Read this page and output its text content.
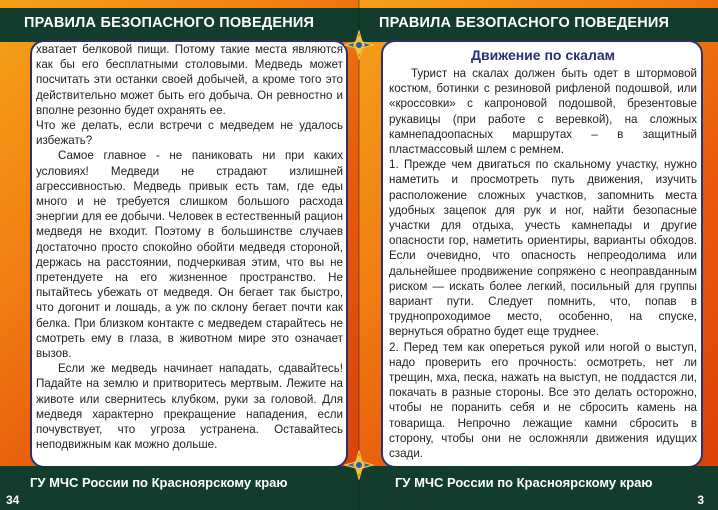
ПРАВИЛА БЕЗОПАСНОГО ПОВЕДЕНИЯ

хватает белковой пищи. Потому такие места являются как бы его бесплатными столовыми. Медведь может посчитать эти останки своей добычей, а кроме того это действительно может быть его добыча. Он ревностно и вполне резонно будет охранять ее.

Что же делать, если встречи с медведем не удалось избежать?

Самое главное - не паниковать ни при каких условиях! Медведи не страдают излишней агрессивностью. Медведь привык есть там, где еды много и не требуется слишком большого расхода энергии для ее добычи. Человек в естественный рацион медведя не входит. Поэтому в большинстве случаев достаточно просто спокойно обойти медведя стороной, держась на расстоянии, подчеркивая этим, что вы не претендуете на его жизненное пространство. Не пытайтесь убежать от медведя. Он бегает так быстро, что догонит и лошадь, а уж по склону бегает почти как белка. При близком контакте с медведем старайтесь не смотреть ему в глаза, в животном мире это означает вызов.

Если же медведь начинает нападать, сдавайтесь! Падайте на землю и притворитесь мертвым. Лежите на животе или свернитесь клубком, руки за головой. Для медведя характерно прекращение нападения, если почувствует, что угроза устранена. Оставайтесь неподвижным как можно дольше.

ГУ МЧС России по Красноярскому краю
34
ПРАВИЛА БЕЗОПАСНОГО ПОВЕДЕНИЯ
Движение по скалам

Турист на скалах должен быть одет в штормовой костюм, ботинки с резиновой рифленой подошвой, или «кроссовки» с капроновой подошвой, брезентовые рукавицы (при работе с веревкой), на сложных камнепадоопасных маршрутах – в защитный пластмассовый шлем с ремнем.

1. Прежде чем двигаться по скальному участку, нужно наметить и просмотреть путь движения, изучить расположение сложных участков, запомнить места удобных зацепок для рук и ног, найти безопасные участки для отдыха, учесть камнепады и другие опасности гор, наметить ориентиры, варианты обходов. Если очевидно, что опасность непреодолима или дальнейшее продвижение сопряжено с неоправданным риском — искать более легкий, посильный для группы вариант пути. Следует помнить, что, попав в труднопроходимое место, особенно, на спуске, вернуться обратно будет еще труднее.

2. Перед тем как опереться рукой или ногой о выступ, надо проверить его прочность: осмотреть, нет ли трещин, мха, песка, нажать на выступ, не поддастся ли, покачать в разные стороны. Все это делать осторожно, чтобы не поранить себя и не сбросить камень на товарища. Непрочно лежащие камни сбросить в сторону, чтобы они не осложняли движения идущих сзади.

ГУ МЧС России по Красноярскому краю
3
